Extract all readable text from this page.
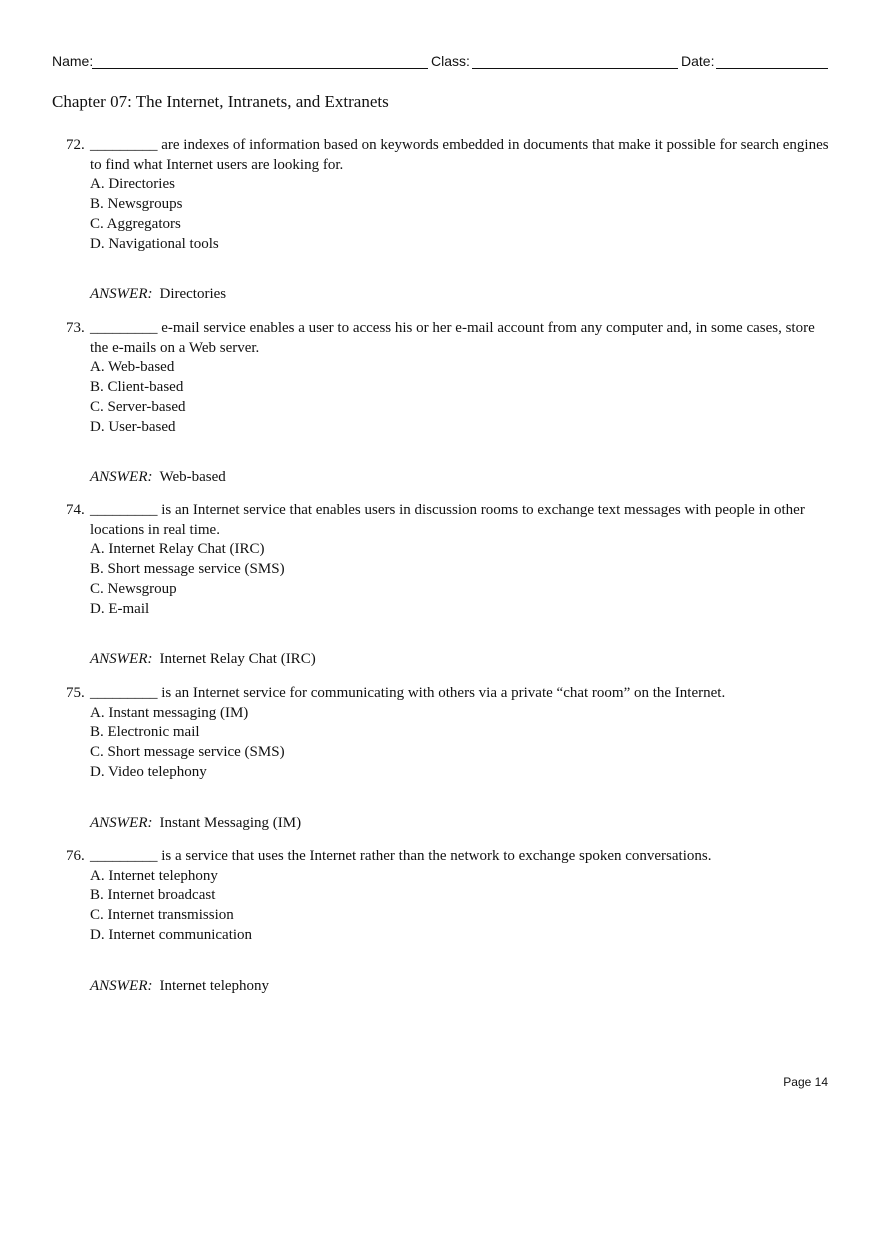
Name:	Class:	Date:
Chapter 07: The Internet, Intranets, and Extranets
72. _________ are indexes of information based on keywords embedded in documents that make it possible for search engines to find what Internet users are looking for.
A. Directories
B. Newsgroups
C. Aggregators
D. Navigational tools
ANSWER: Directories
73. _________ e-mail service enables a user to access his or her e-mail account from any computer and, in some cases, store the e-mails on a Web server.
A. Web-based
B. Client-based
C. Server-based
D. User-based
ANSWER: Web-based
74. _________ is an Internet service that enables users in discussion rooms to exchange text messages with people in other locations in real time.
A. Internet Relay Chat (IRC)
B. Short message service (SMS)
C. Newsgroup
D. E-mail
ANSWER: Internet Relay Chat (IRC)
75. _________ is an Internet service for communicating with others via a private “chat room” on the Internet.
A. Instant messaging (IM)
B. Electronic mail
C. Short message service (SMS)
D. Video telephony
ANSWER: Instant Messaging (IM)
76. _________ is a service that uses the Internet rather than the network to exchange spoken conversations.
A. Internet telephony
B. Internet broadcast
C. Internet transmission
D. Internet communication
ANSWER: Internet telephony
Page 14
